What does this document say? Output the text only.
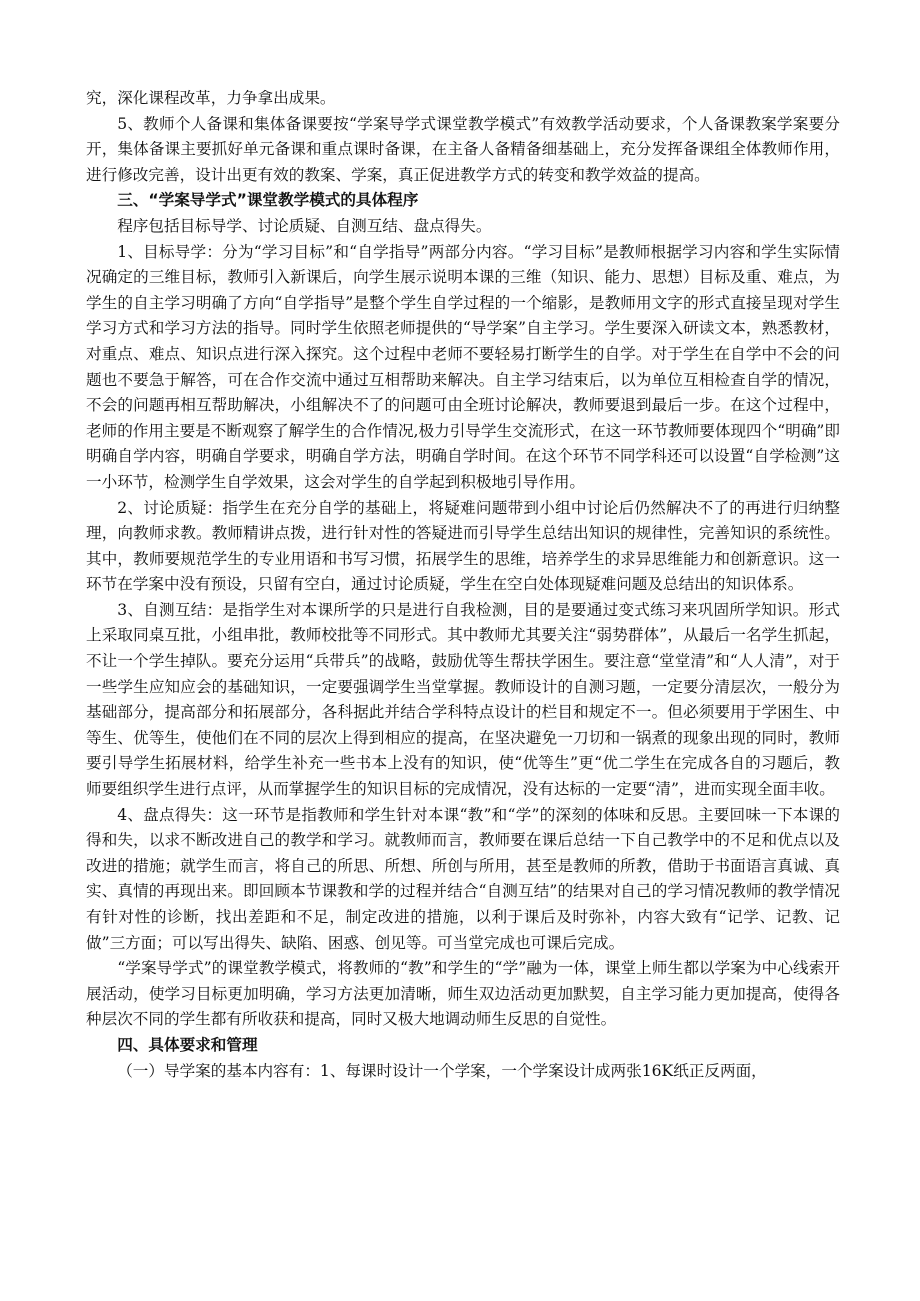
究，深化课程改革，力争拿出成果。

5、教师个人备课和集体备课要按“学案导学式课堂教学模式”有效教学活动要求，个人备课教案学案要分开，集体备课主要抓好单元备课和重点课时备课，在主备人备精备细基础上，充分发挥备课组全体教师作用，进行修改完善，设计出更有效的教案、学案，真正促进教学方式的转变和教学效益的提高。

三、“学案导学式”课堂教学模式的具体程序

程序包括目标导学、讨论质疑、自测互结、盘点得失。

1、目标导学：分为“学习目标”和“自学指导”两部分内容。“学习目标”是教师根据学习内容和学生实际情况确定的三维目标，教师引入新课后，向学生展示说明本课的三维（知识、能力、思想）目标及重、难点，为学生的自主学习明确了方向“自学指导”是整个学生自学过程的一个缩影，是教师用文字的形式直接呈现对学生学习方式和学习方法的指导。同时学生依照老师提供的“导学案”自主学习。学生要深入研读文本，熟悉教材，对重点、难点、知识点进行深入探究。这个过程中老师不要轻易打断学生的自学。对于学生在自学中不会的问题也不要急于解答，可在合作交流中通过互相帮助来解决。自主学习结束后，以为单位互相检查自学的情况，不会的问题再相互帮助解决，小组解决不了的问题可由全班讨论解决，教师要退到最后一步。在这个过程中，老师的作用主要是不断观察了解学生的合作情况,极力引导学生交流形式，在这一环节教师要体现四个“明确”即明确自学内容，明确自学要求，明确自学方法，明确自学时间。在这个环节不同学科还可以设置“自学检测”这一小环节，检测学生自学效果，这会对学生的自学起到积极地引导作用。

2、讨论质疑：指学生在充分自学的基础上，将疑难问题带到小组中讨论后仍然解决不了的再进行归纳整理，向教师求教。教师精讲点拨，进行针对性的答疑进而引导学生总结出知识的规律性，完善知识的系统性。其中，教师要规范学生的专业用语和书写习惯，拓展学生的思维，培养学生的求异思维能力和创新意识。这一环节在学案中没有预设，只留有空白，通过讨论质疑，学生在空白处体现疑难问题及总结出的知识体系。

3、自测互结：是指学生对本课所学的只是进行自我检测，目的是要通过变式练习来巩固所学知识。形式上采取同桌互批，小组串批，教师校批等不同形式。其中教师尤其要关注“弱势群体”，从最后一名学生抓起，不让一个学生掉队。要充分运用“兵带兵”的战略，鼓励优等生帮扶学困生。要注意“堂堂清”和“人人清”，对于一些学生应知应会的基础知识，一定要强调学生当堂掌握。教师设计的自测习题，一定要分清层次，一般分为基础部分，提高部分和拓展部分，各科据此并结合学科特点设计的栏目和规定不一。但必须要用于学困生、中等生、优等生，使他们在不同的层次上得到相应的提高，在坚决避免一刀切和一锅煮的现象出现的同时，教师要引导学生拓展材料，给学生补充一些书本上没有的知识，使“优等生”更“优二学生在完成各自的习题后，教师要组织学生进行点评，从而掌握学生的知识目标的完成情况，没有达标的一定要“清”，进而实现全面丰收。

4、盘点得失：这一环节是指教师和学生针对本课“教”和“学”的深刻的体味和反思。主要回味一下本课的得和失，以求不断改进自己的教学和学习。就教师而言，教师要在课后总结一下自己教学中的不足和优点以及改进的措施；就学生而言，将自己的所思、所想、所创与所用，甚至是教师的所教，借助于书面语言真诚、真实、真情的再现出来。即回顾本节课教和学的过程并结合“自测互结”的结果对自己的学习情况教师的教学情况有针对性的诊断，找出差距和不足，制定改进的措施，以利于课后及时弥补，内容大致有“记学、记教、记做”三方面；可以写出得失、缺陷、困惑、创见等。可当堂完成也可课后完成。

“学案导学式”的课堂教学模式，将教师的“教”和学生的“学”融为一体，课堂上师生都以学案为中心线索开展活动，使学习目标更加明确，学习方法更加清晰，师生双边活动更加默契，自主学习能力更加提高，使得各种层次不同的学生都有所收获和提高，同时又极大地调动师生反思的自觉性。

四、具体要求和管理

（一）导学案的基本内容有：1、每课时设计一个学案，一个学案设计成两张16K纸正反两面，
